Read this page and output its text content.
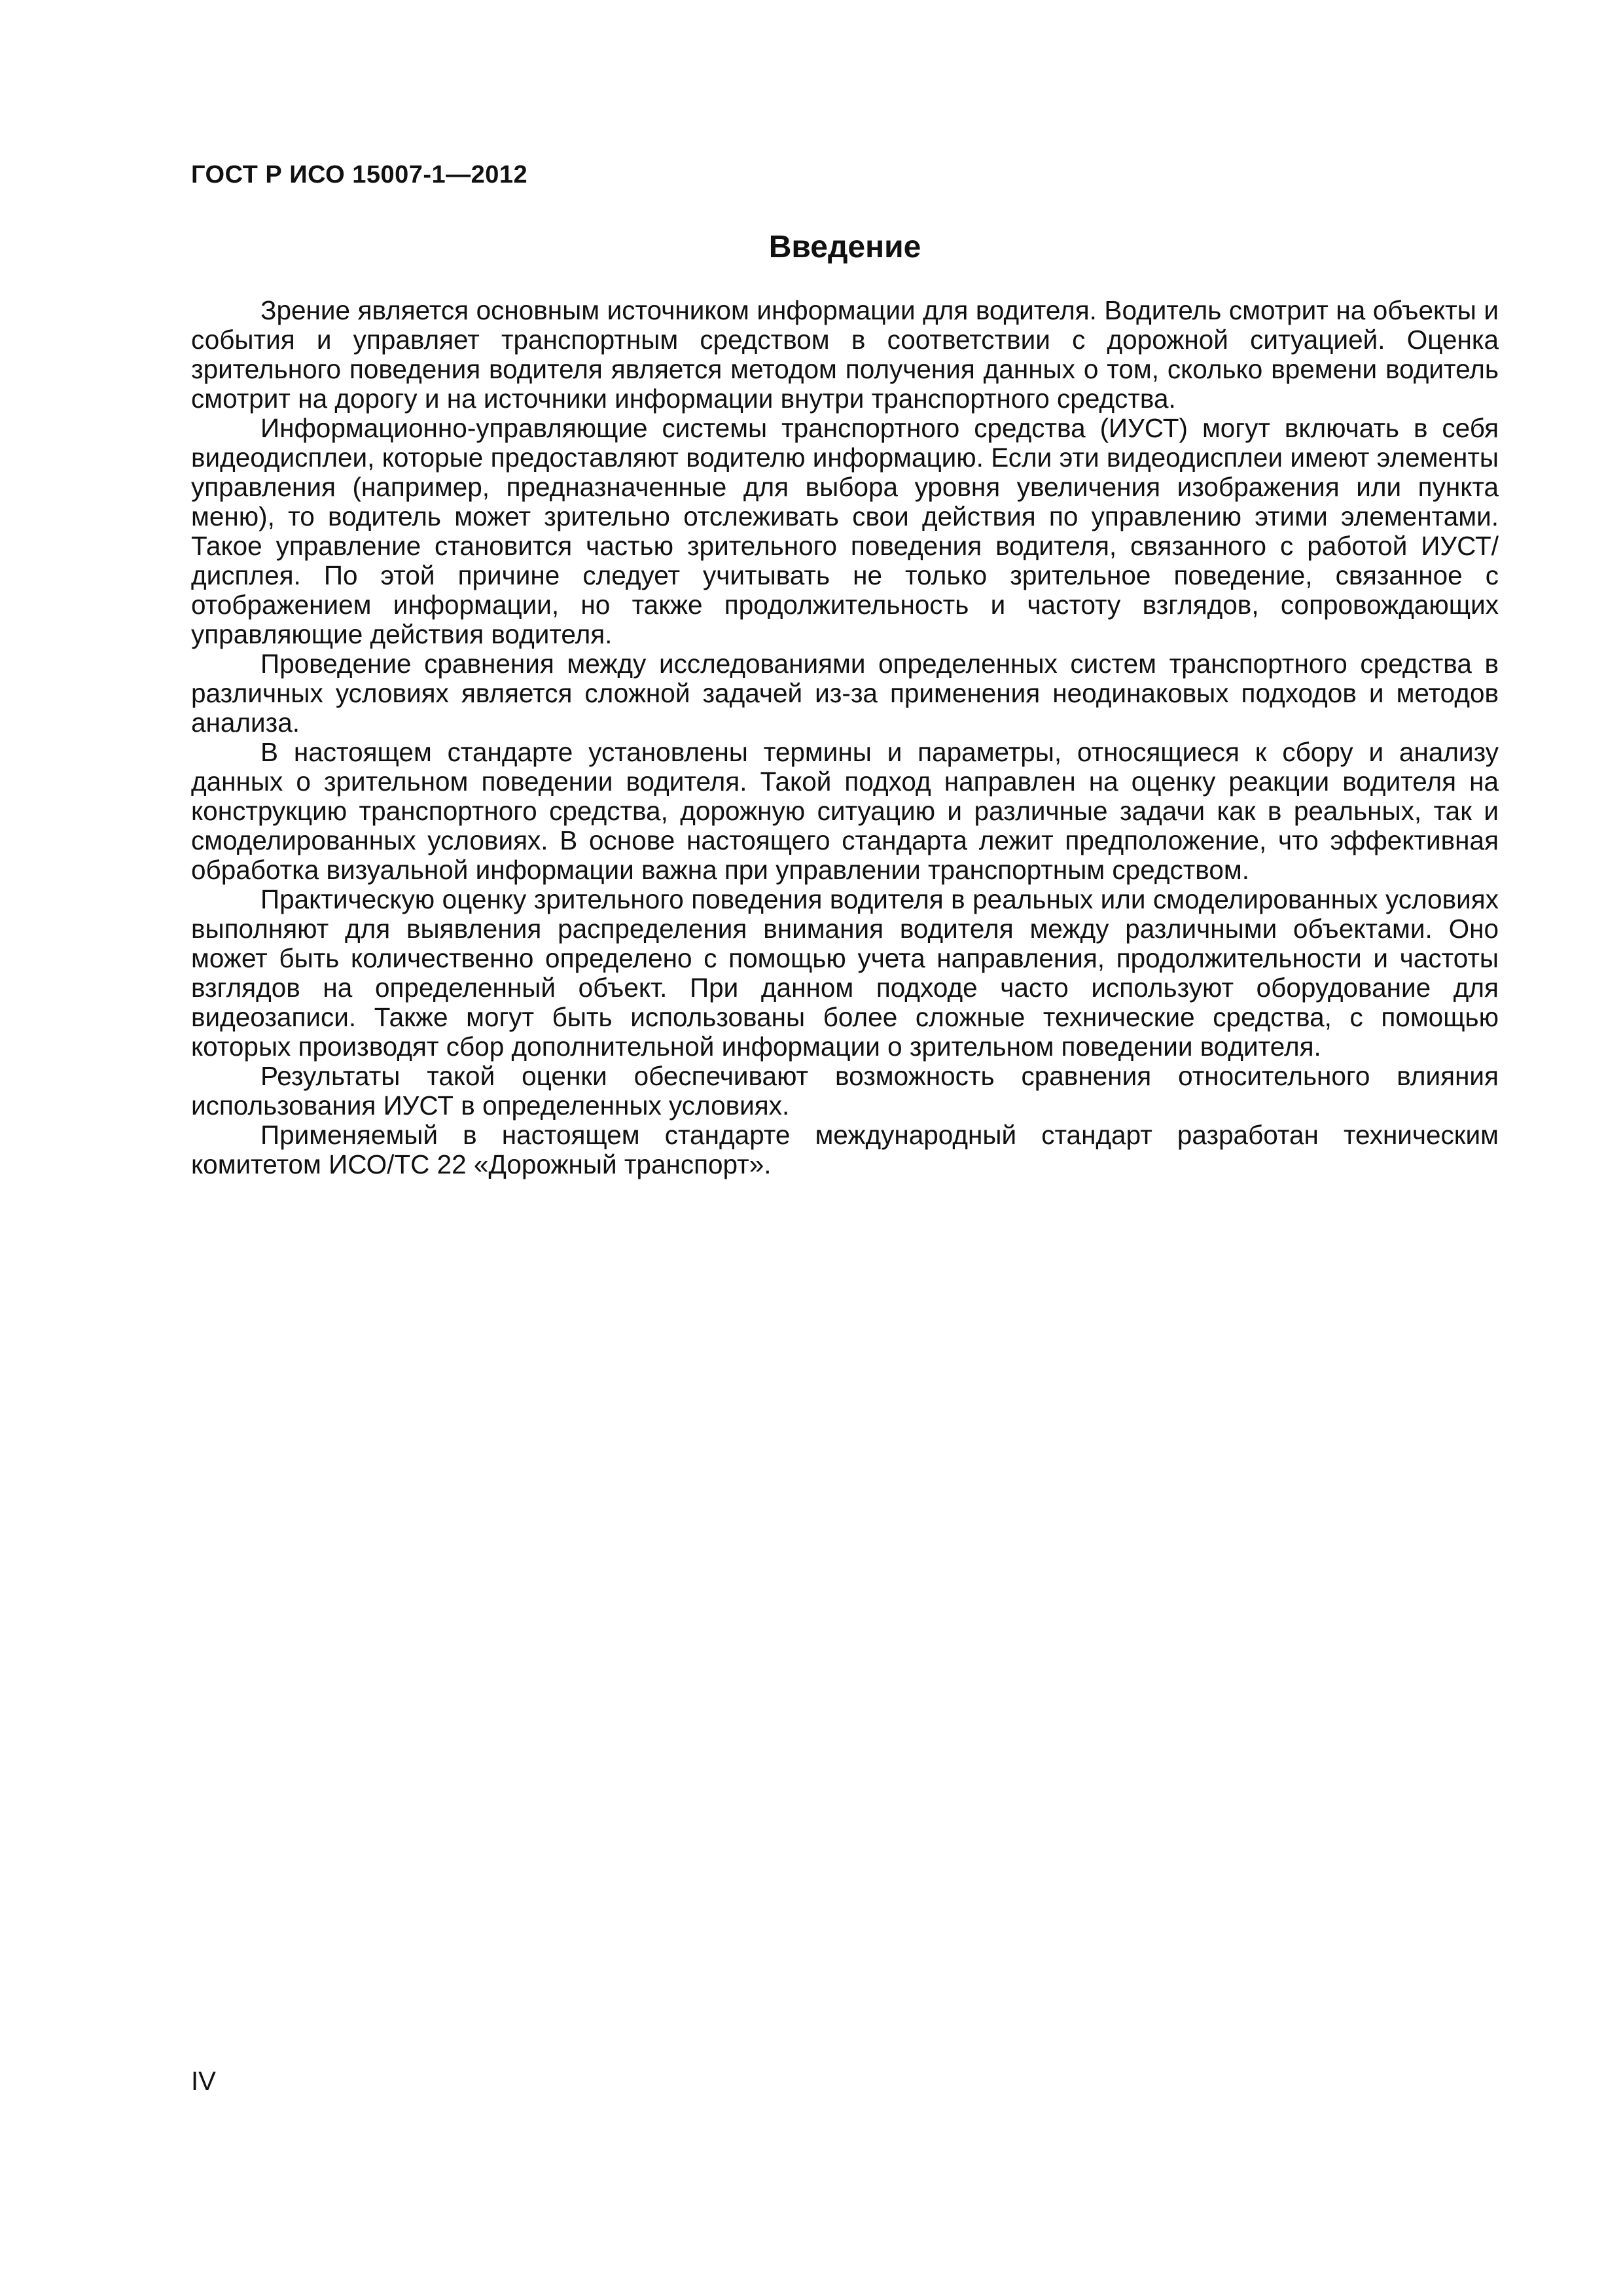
ГОСТ Р ИСО 15007-1—2012
Введение

Зрение является основным источником информации для водителя. Водитель смотрит на объекты и события и управляет транспортным средством в соответствии с дорожной ситуацией. Оценка зрительного поведения водителя является методом получения данных о том, сколько времени водитель смотрит на дорогу и на источники информации внутри транспортного средства.

Информационно-управляющие системы транспортного средства (ИУСТ) могут включать в себя видеодисплеи, которые предоставляют водителю информацию. Если эти видеодисплеи имеют элементы управления (например, предназначенные для выбора уровня увеличения изображения или пункта меню), то водитель может зрительно отслеживать свои действия по управлению этими элементами. Такое управление становится частью зрительного поведения водителя, связанного с работой ИУСТ/дисплея. По этой причине следует учитывать не только зрительное поведение, связанное с отображением информации, но также продолжительность и частоту взглядов, сопровождающих управляющие действия водителя.

Проведение сравнения между исследованиями определенных систем транспортного средства в различных условиях является сложной задачей из-за применения неодинаковых подходов и методов анализа.

В настоящем стандарте установлены термины и параметры, относящиеся к сбору и анализу данных о зрительном поведении водителя. Такой подход направлен на оценку реакции водителя на конструкцию транспортного средства, дорожную ситуацию и различные задачи как в реальных, так и смоделированных условиях. В основе настоящего стандарта лежит предположение, что эффективная обработка визуальной информации важна при управлении транспортным средством.

Практическую оценку зрительного поведения водителя в реальных или смоделированных условиях выполняют для выявления распределения внимания водителя между различными объектами. Оно может быть количественно определено с помощью учета направления, продолжительности и частоты взглядов на определенный объект. При данном подходе часто используют оборудование для видеозаписи. Также могут быть использованы более сложные технические средства, с помощью которых производят сбор дополнительной информации о зрительном поведении водителя.

Результаты такой оценки обеспечивают возможность сравнения относительного влияния использования ИУСТ в определенных условиях.

Применяемый в настоящем стандарте международный стандарт разработан техническим комитетом ИСО/ТС 22 «Дорожный транспорт».

IV
